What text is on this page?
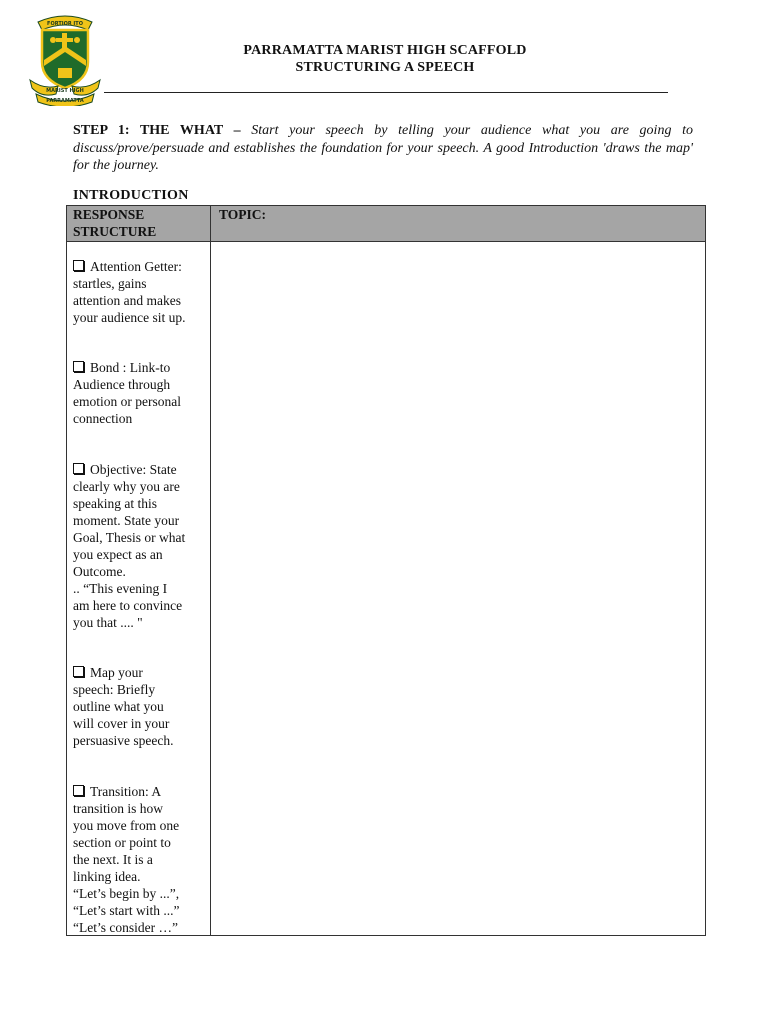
FORTIOR ITO
MARIST HIGH
PARRAMATTA
PARRAMATTA MARIST HIGH SCAFFOLD
STRUCTURING A SPEECH
STEP 1: THE WHAT – Start your speech by telling your audience what you are going to discuss/prove/persuade and establishes the foundation for your speech. A good Introduction 'draws the map' for the journey.
INTRODUCTION
RESPONSE STRUCTURE
TOPIC:
Attention Getter:
startles, gains
attention and makes
your audience sit up.
Bond : Link-to
Audience through
emotion or personal
connection
Objective: State
clearly why you are
speaking at this
moment. State your
Goal, Thesis or what
you expect as an
Outcome.
.. “This evening I
am here to convince
you that .... "
Map your
speech: Briefly
outline what you
will cover in your
persuasive speech.
Transition: A
transition is how
you move from one
section or point to
the next. It is a
linking idea.
“Let’s begin by ...”,
“Let’s start with ...”
“Let’s consider …”
